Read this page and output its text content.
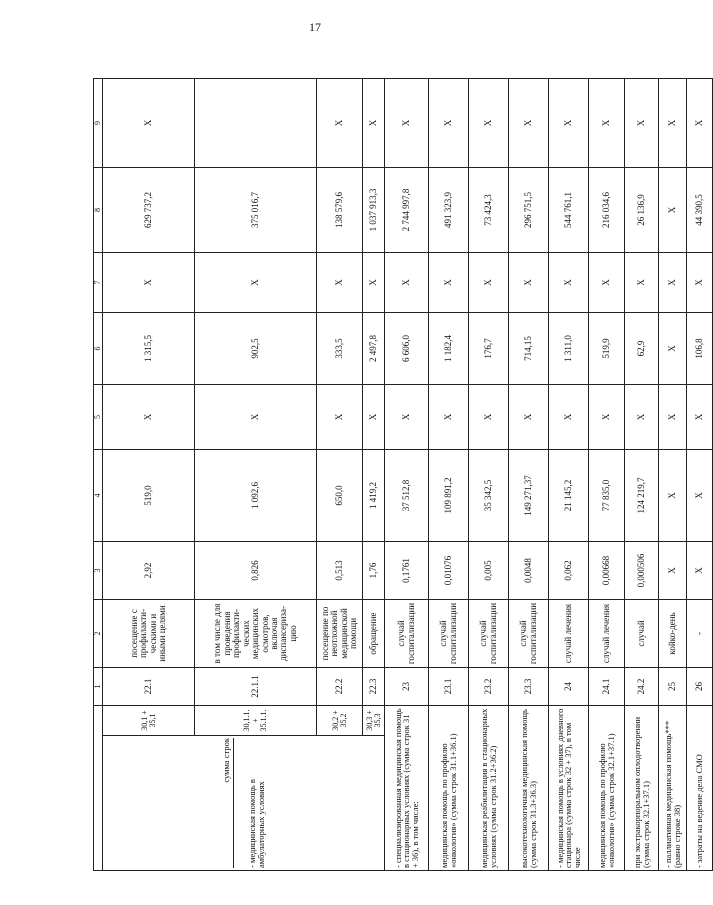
17
		1	2	3	4	5	6	7	8	9

сумма строк
- медицинская помощь в амбулаторных условиях	30,1 + 35,1	22.1	посещение с профилакти-ческими и иными целями	2,92	519,0	X	1 315,5	X	629 737,2	X
	30,1.1. + 35.1.1.	22.1.1	в том числе для проведения профилакти-ческих медицинских осмотров, включая диспансериза-цию	0,826	1 092,6	X	902,5	X	375 016,7	
	30,2 + 35,2	22.2	посещение по неотложной медицинской помощи	0,513	650,0	X	333,5	X	138 579,6	X
	30,3 + 35,3	22.3	обращение	1,76	1 419,2	X	2 497,8	X	1 037 913,3	X
- специализированная медицинская помощь в стационарных условиях (сумма строк 31 + 36), в том числе:		23	случай госпитализации	0,1761	37 512,8	X	6 606,0	X	2 744 997,8	X
медицинская помощь по профилю «онкология» (сумма строк 31.1+36.1)		23.1	случай госпитализации	0,01076	109 891,2	X	1 182,4	X	491 323,9	X
медицинская реабилитация в стационарных условиях (сумма строк 31.2+36.2)		23.2	случай госпитализации	0,005	35 342,5	X	176,7	X	73 424,3	X
высокотехнологичная медицинская помощь (сумма строк 31.3+36.3)		23.3	случай госпитализации	0,0048	149 271,37	X	714,15	X	296 751,5	X
- медицинская помощь в условиях дневного стационара (сумма строк 32 + 37), в том числе		24	случай лечения	0,062	21 145,2	X	1 311,0	X	544 761,1	X
медицинская помощь по профилю «онкология» (сумма строк 32.1+37.1)		24.1	случай лечения	0,00668	77 835,0	X	519,9	X	216 034,6	X
при экстракорпоральном оплодотворении (сумма строк 32.1+37.1)		24.2	случай	0,000506	124 219,7	X	62,9	X	26 136,9	X
- паллиативная медицинская помощь*** (равно строке 38)		25	койко-день	X	X	X	X	X	X	X
- затраты на ведение дела СМО		26	-	X	X	X	106,8	X	44 390,5	X
